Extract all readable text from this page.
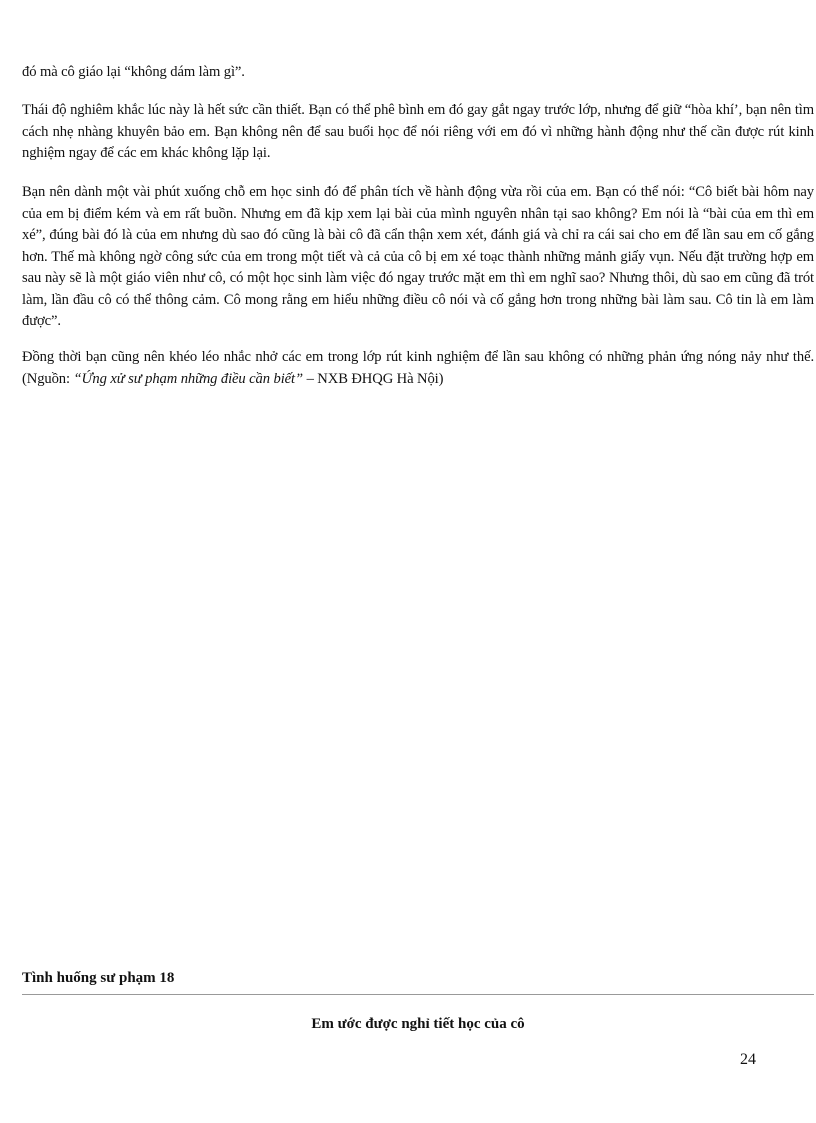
đó mà cô giáo lại “không dám làm gì”.

Thái độ nghiêm khắc lúc này là hết sức cần thiết. Bạn có thể phê bình em đó gay gắt ngay trước lớp, nhưng để giữ “hòa khí’, bạn nên tìm cách nhẹ nhàng khuyên bảo em. Bạn không nên để sau buổi học để nói riêng với em đó vì những hành động như thế cần được rút kinh nghiệm ngay để các em khác không lặp lại.

Bạn nên dành một vài phút xuống chỗ em học sinh đó để phân tích về hành động vừa rồi của em. Bạn có thể nói: “Cô biết bài hôm nay của em bị điểm kém và em rất buồn. Nhưng em đã kịp xem lại bài của mình nguyên nhân tại sao không? Em nói là “bài của em thì em xé”, đúng bài đó là của em nhưng dù sao đó cũng là bài cô đã cẩn thận xem xét, đánh giá và chỉ ra cái sai cho em để lần sau em cố gắng hơn. Thế mà không ngờ công sức của em trong một tiết và cả của cô bị em xé toạc thành những mảnh giấy vụn. Nếu đặt trường hợp em sau này sẽ là một giáo viên như cô, có một học sinh làm việc đó ngay trước mặt em thì em nghĩ sao? Nhưng thôi, dù sao em cũng đã trót làm, lần đầu cô có thể thông cảm. Cô mong rằng em hiểu những điều cô nói và cố gắng hơn trong những bài làm sau. Cô tin là em làm được”.

Đồng thời bạn cũng nên khéo léo nhắc nhở các em trong lớp rút kinh nghiệm để lần sau không có những phản ứng nóng nảy như thế. (Nguồn: “Ứng xử sư phạm những điều cần biết” – NXB ĐHQG Hà Nội)

Tình huống sư phạm 18

Em ước được nghỉ tiết học của cô

24
